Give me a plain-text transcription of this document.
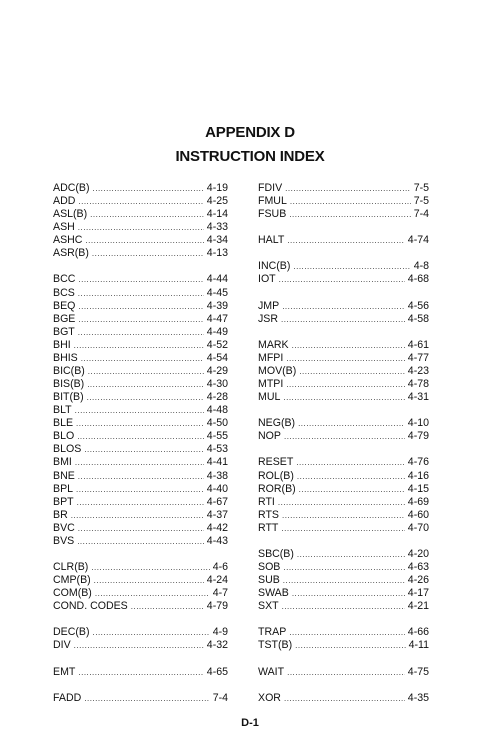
APPENDIX D
INSTRUCTION INDEX
ADC(B) .....	4-19
ADD .....	4-25
ASL(B) .....	4-14
ASH .....	4-33
ASHC .....	4-34
ASR(B) .....	4-13
BCC .....	4-44
BCS .....	4-45
BEQ .....	4-39
BGE .....	4-47
BGT .....	4-49
BHI .....	4-52
BHIS .....	4-54
BIC(B) .....	4-29
BIS(B) .....	4-30
BIT(B) .....	4-28
BLT .....	4-48
BLE .....	4-50
BLO .....	4-55
BLOS .....	4-53
BMI .....	4-41
BNE .....	4-38
BPL .....	4-40
BPT .....	4-67
BR .....	4-37
BVC .....	4-42
BVS .....	4-43
CLR(B) .....	4-6
CMP(B) .....	4-24
COM(B) .....	4-7
COND. CODES .....	4-79
DEC(B) .....	4-9
DIV .....	4-32
EMT .....	4-65
FADD .....	7-4
FDIV .....	7-5
FMUL .....	7-5
FSUB .....	7-4
HALT .....	4-74
INC(B) .....	4-8
IOT .....	4-68
JMP .....	4-56
JSR .....	4-58
MARK .....	4-61
MFPI .....	4-77
MOV(B) .....	4-23
MTPI .....	4-78
MUL .....	4-31
NEG(B) .....	4-10
NOP .....	4-79
RESET .....	4-76
ROL(B) .....	4-16
ROR(B) .....	4-15
RTI .....	4-69
RTS .....	4-60
RTT .....	4-70
SBC(B) .....	4-20
SOB .....	4-63
SUB .....	4-26
SWAB .....	4-17
SXT .....	4-21
TRAP .....	4-66
TST(B) .....	4-11
WAIT .....	4-75
XOR .....	4-35
D-1
